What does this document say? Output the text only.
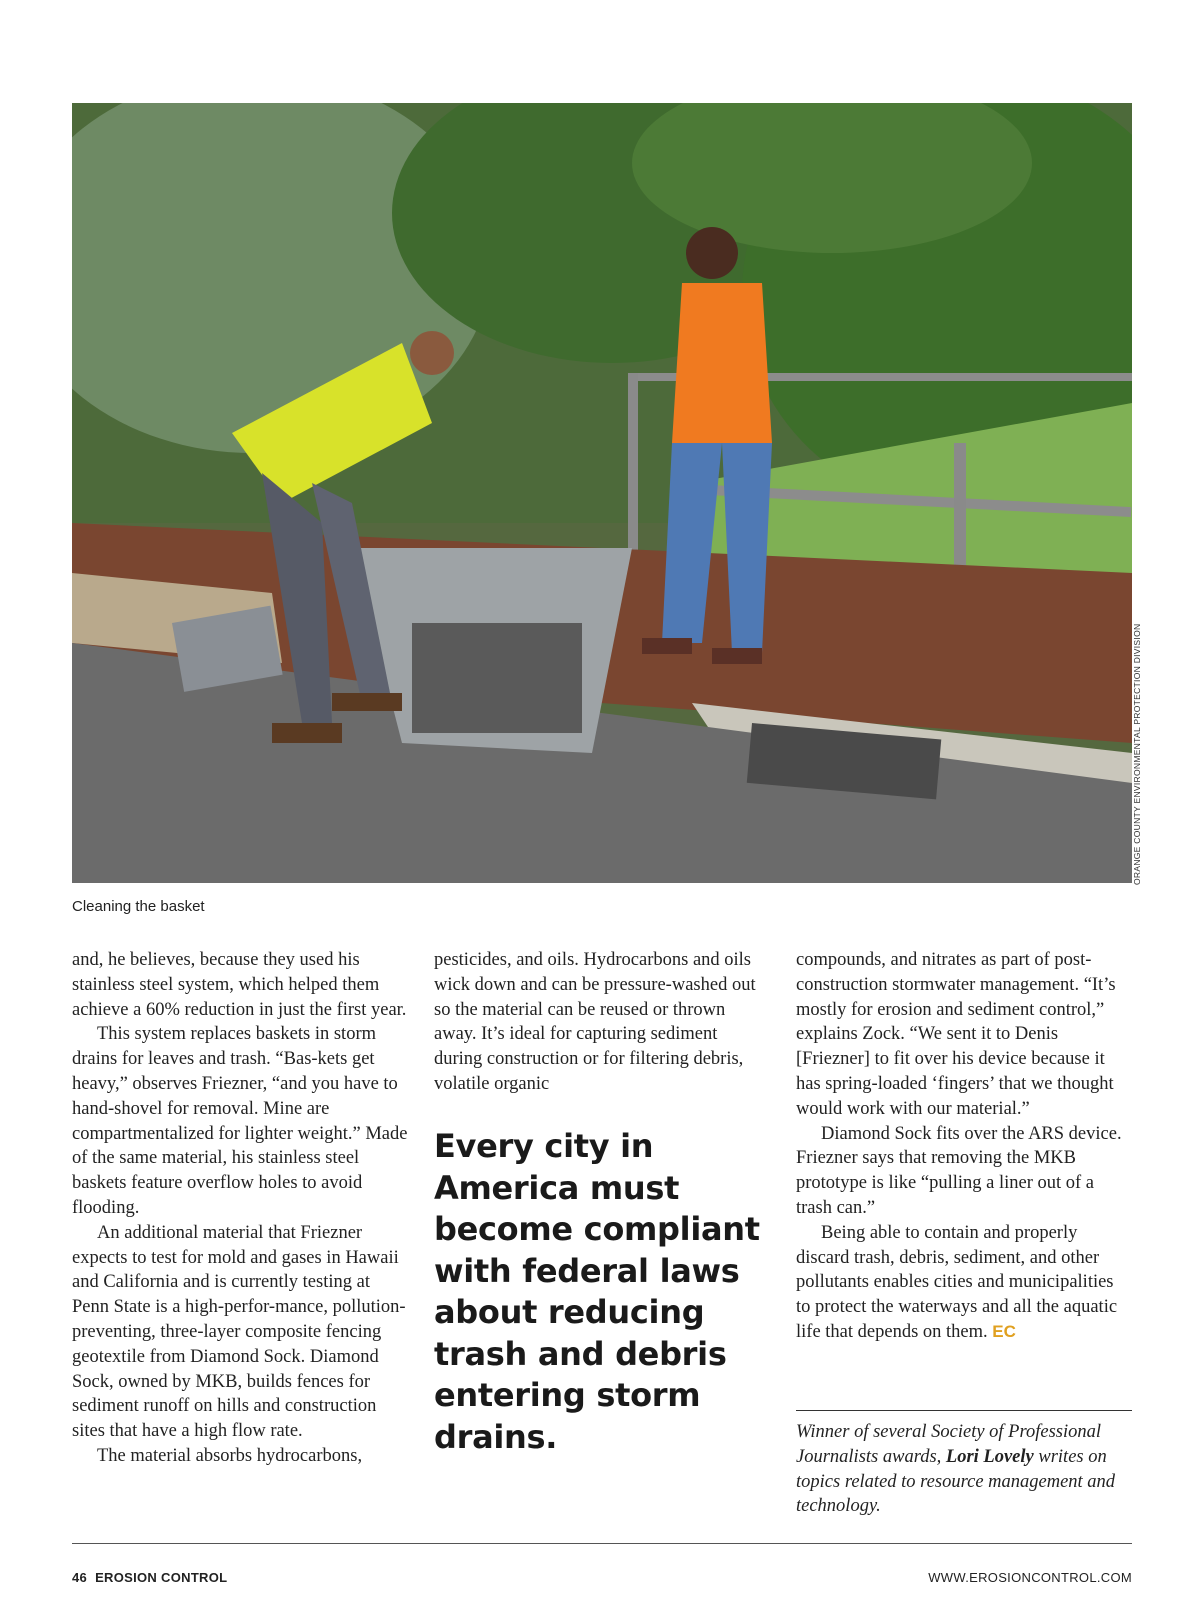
ORANGE COUNTY ENVIRONMENTAL PROTECTION DIVISION
Cleaning the basket

and, he believes, because they used his stainless steel system, which helped them achieve a 60% reduction in just the first year.

This system replaces baskets in storm drains for leaves and trash. “Bas-kets get heavy,” observes Friezner, “and you have to hand-shovel for removal. Mine are compartmentalized for lighter weight.” Made of the same material, his stainless steel baskets feature overflow holes to avoid flooding.

An additional material that Friezner expects to test for mold and gases in Hawaii and California and is currently testing at Penn State is a high-perfor-mance, pollution-preventing, three-layer composite fencing geotextile from Diamond Sock. Diamond Sock, owned by MKB, builds fences for sediment runoff on hills and construction sites that have a high flow rate.

The material absorbs hydrocarbons,

pesticides, and oils. Hydrocarbons and oils wick down and can be pressure-washed out so the material can be reused or thrown away. It’s ideal for capturing sediment during construction or for filtering debris, volatile organic

Every city in America must become compliant with federal laws about reducing trash and debris entering storm drains.

compounds, and nitrates as part of post-construction stormwater management. “It’s mostly for erosion and sediment control,” explains Zock. “We sent it to Denis [Friezner] to fit over his device because it has spring-loaded ‘fingers’ that we thought would work with our material.”

Diamond Sock fits over the ARS device. Friezner says that removing the MKB prototype is like “pulling a liner out of a trash can.”

Being able to contain and properly discard trash, debris, sediment, and other pollutants enables cities and municipalities to protect the waterways and all the aquatic life that depends on them. EC

Winner of several Society of Professional Journalists awards, Lori Lovely writes on topics related to resource management and technology.
46 EROSION CONTROL	WWW.EROSIONCONTROL.COM
